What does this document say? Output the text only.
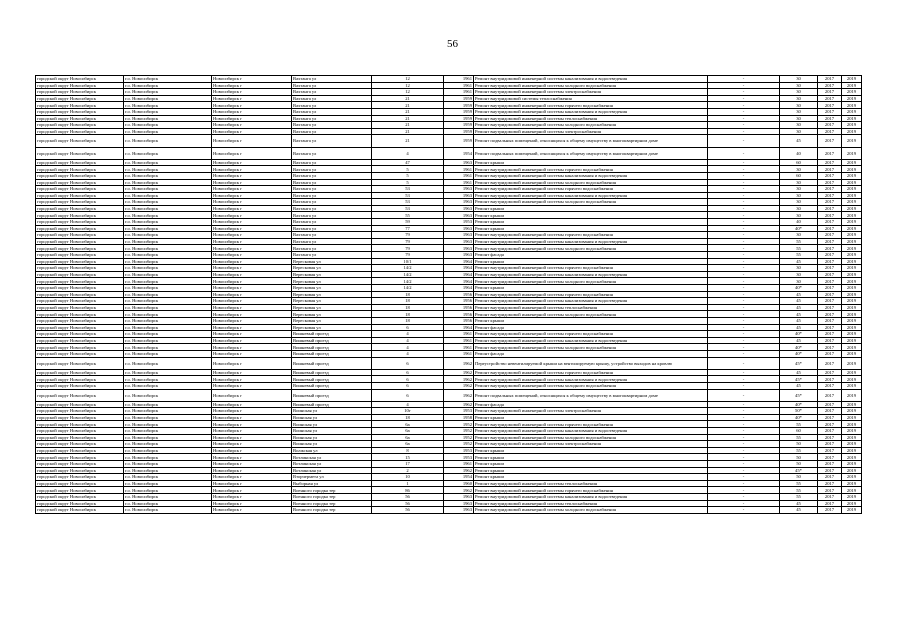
56
городской округ Новосибирск	г.о. Новосибирск	Новосибирск г	Вахтанга ул	12	1961	Ремонт внутридомовой инженерной системы канализования и водоотведения	-	30	2017	2019
городской округ Новосибирск	г.о. Новосибирск	Новосибирск г	Вахтанга ул	12	1961	Ремонт внутридомовой инженерной системы холодного водоснабжения	-	30	2017	2019
городской округ Новосибирск	г.о. Новосибирск	Новосибирск г	Вахтанга ул	12	1961	Ремонт внутридомовой инженерной системы электроснабжения	-	30	2017	2019
городской округ Новосибирск	г.о. Новосибирск	Новосибирск г	Вахтанга ул	21	1959	Ремонт внутридомовой системы теплоснабжения	-	30	2017	2019
городской округ Новосибирск	г.о. Новосибирск	Новосибирск г	Вахтанга ул	21	1959	Ремонт внутридомовой инженерной системы горячего водоснабжения	-	30	2017	2019
городской округ Новосибирск	г.о. Новосибирск	Новосибирск г	Вахтанга ул	21	1959	Ремонт внутридомовой инженерной системы канализования и водоотведения	-	30	2017	2019
городской округ Новосибирск	г.о. Новосибирск	Новосибирск г	Вахтанга ул	21	1959	Ремонт внутридомовой инженерной системы теплоснабжения	-	30	2017	2019
городской округ Новосибирск	г.о. Новосибирск	Новосибирск г	Вахтанга ул	21	1959	Ремонт внутридомовой инженерной системы холодного водоснабжения	-	30	2017	2019
городской округ Новосибирск	г.о. Новосибирск	Новосибирск г	Вахтанга ул	21	1959	Ремонт внутридомовой инженерной системы электроснабжения	-	30	2017	2019
городской округ Новосибирск	г.о. Новосибирск	Новосибирск г	Вахтанга ул	21	1959	Ремонт подвальных помещений, относящихся к общему имуществу в многоквартирном доме	-	45	2017	2019
городской округ Новосибирск	г.о. Новосибирск	Новосибирск г	Вахтанга ул	4	1954	Ремонт подвальных помещений, относящихся к общему имуществу в многоквартирном доме	-	40	2017	2019
городской округ Новосибирск	г.о. Новосибирск	Новосибирск г	Вахтанга ул	47	1963	Ремонт крыши	-	60	2017	2019
городской округ Новосибирск	г.о. Новосибирск	Новосибирск г	Вахтанга ул	5	1961	Ремонт внутридомовой инженерной системы горячего водоснабжения	-	30	2017	2019
городской округ Новосибирск	г.о. Новосибирск	Новосибирск г	Вахтанга ул	5	1961	Ремонт внутридомовой инженерной системы канализования и водоотведения	-	60	2017	2019
городской округ Новосибирск	г.о. Новосибирск	Новосибирск г	Вахтанга ул	5	1961	Ремонт внутридомовой инженерной системы холодного водоснабжения	-	30	2017	2019
городской округ Новосибирск	г.о. Новосибирск	Новосибирск г	Вахтанга ул	53	1963	Ремонт внутридомовой инженерной системы горячего водоснабжения	-	30	2017	2019
городской округ Новосибирск	г.о. Новосибирск	Новосибирск г	Вахтанга ул	53	1963	Ремонт внутридомовой инженерной системы канализования и водоотведения	-	30	2017	2019
городской округ Новосибирск	г.о. Новосибирск	Новосибирск г	Вахтанга ул	53	1963	Ремонт внутридомовой инженерной системы холодного водоснабжения	-	30	2017	2019
городской округ Новосибирск	г.о. Новосибирск	Новосибирск г	Вахтанга ул	53	1963	Ремонт крыши	-	30	2017	2019
городской округ Новосибирск	г.о. Новосибирск	Новосибирск г	Вахтанга ул	55	1963	Ремонт крыши	-	30	2017	2019
городской округ Новосибирск	г.о. Новосибирск	Новосибирск г	Вахтанга ул	59	1953	Ремонт крыши	-	40	2017	2019
городской округ Новосибирск	г.о. Новосибирск	Новосибирск г	Вахтанга ул	77	1963	Ремонт крыши	-	40*	2017	2019
городской округ Новосибирск	г.о. Новосибирск	Новосибирск г	Вахтанга ул	79	1963	Ремонт внутридомовой инженерной системы горячего водоснабжения	-	30	2017	2019
городской округ Новосибирск	г.о. Новосибирск	Новосибирск г	Вахтанга ул	79	1963	Ремонт внутридомовой инженерной системы канализования и водоотведения	-	55	2017	2019
городской округ Новосибирск	г.о. Новосибирск	Новосибирск г	Вахтанга ул	79	1963	Ремонт внутридомовой инженерной системы холодного водоснабжения	-	55	2017	2019
городской округ Новосибирск	г.о. Новосибирск	Новосибирск г	Вахтанга ул	79	1963	Ремонт фасада	-	55	2017	2019
городской округ Новосибирск	г.о. Новосибирск	Новосибирск г	Вересковая ул	10/1	1964	Ремонт крыши	-	45	2017	2019
городской округ Новосибирск	г.о. Новосибирск	Новосибирск г	Вересковая ул	14/2	1964	Ремонт внутридомовой инженерной системы горячего водоснабжения	-	30	2017	2019
городской округ Новосибирск	г.о. Новосибирск	Новосибирск г	Вересковая ул	14/2	1964	Ремонт внутридомовой инженерной системы канализования и водоотведения	-	30	2017	2019
городской округ Новосибирск	г.о. Новосибирск	Новосибирск г	Вересковая ул	14/2	1964	Ремонт внутридомовой инженерной системы холодного водоснабжения	-	30	2017	2019
городской округ Новосибирск	г.о. Новосибирск	Новосибирск г	Вересковая ул	14/2	1964	Ремонт крыши	-	40*	2017	2019
городской округ Новосибирск	г.о. Новосибирск	Новосибирск г	Вересковая ул	18	1956	Ремонт внутридомовой инженерной системы горячего водоснабжения	-	45	2017	2019
городской округ Новосибирск	г.о. Новосибирск	Новосибирск г	Вересковая ул	18	1956	Ремонт внутридомовой инженерной системы канализования и водоотведения	-	45	2017	2019
городской округ Новосибирск	г.о. Новосибирск	Новосибирск г	Вересковая ул	18	1956	Ремонт внутридомовой инженерной системы теплоснабжения	-	45	2017	2019
городской округ Новосибирск	г.о. Новосибирск	Новосибирск г	Вересковая ул	18	1956	Ремонт внутридомовой инженерной системы холодного водоснабжения	-	45	2017	2019
городской округ Новосибирск	г.о. Новосибирск	Новосибирск г	Вересковая ул	18	1956	Ремонт крыши	-	45	2017	2019
городской округ Новосибирск	г.о. Новосибирск	Новосибирск г	Вересковая ул	6	1964	Ремонт фасада	-	45	2017	2019
городской округ Новосибирск	г.о. Новосибирск	Новосибирск г	Вишневый проезд	4	1961	Ремонт внутридомовой инженерной системы горячего водоснабжения	-	40*	2017	2019
городской округ Новосибирск	г.о. Новосибирск	Новосибирск г	Вишневый проезд	4	1961	Ремонт внутридомовой инженерной системы канализования и водоотведения	-	45	2017	2019
городской округ Новосибирск	г.о. Новосибирск	Новосибирск г	Вишневый проезд	4	1961	Ремонт внутридомовой инженерной системы холодного водоснабжения	-	40*	2017	2019
городской округ Новосибирск	г.о. Новосибирск	Новосибирск г	Вишневый проезд	4	1961	Ремонт фасада	-	40*	2017	2019
городской округ Новосибирск	г.о. Новосибирск	Новосибирск г	Вишневый проезд	6	1962	Переустройство невентилируемой крыши на вентилируемую крышу, устройство выходов на кровлю	-	45*	2017	2019
городской округ Новосибирск	г.о. Новосибирск	Новосибирск г	Вишневый проезд	6	1962	Ремонт внутридомовой инженерной системы горячего водоснабжения	-	45	2017	2019
городской округ Новосибирск	г.о. Новосибирск	Новосибирск г	Вишневый проезд	6	1962	Ремонт внутридомовой инженерной системы канализования и водоотведения	-	45*	2017	2019
городской округ Новосибирск	г.о. Новосибирск	Новосибирск г	Вишневый проезд	6	1962	Ремонт внутридомовой инженерной системы холодного водоснабжения	-	45	2017	2019
городской округ Новосибирск	г.о. Новосибирск	Новосибирск г	Вишневый проезд	6	1962	Ремонт подвальных помещений, относящихся к общему имуществу в многоквартирном доме	-	45*	2017	2019
городской округ Новосибирск	г.о. Новосибирск	Новосибирск г	Вишневый проезд	4	1962	Ремонт фасада	-	40*	2017	2019
городской округ Новосибирск	г.о. Новосибирск	Новосибирск г	Воинская ул	10г	1953	Ремонт внутридомовой инженерной системы электроснабжения	-	50*	2017	2019
городской округ Новосибирск	г.о. Новосибирск	Новосибирск г	Воинская ул	18	1958	Ремонт крыши	-	40*	2017	2019
городской округ Новосибирск	г.о. Новосибирск	Новосибирск г	Воинская ул	6а	1952	Ремонт внутридомовой инженерной системы горячего водоснабжения	-	55	2017	2019
городской округ Новосибирск	г.о. Новосибирск	Новосибирск г	Воинская ул	6а	1952	Ремонт внутридомовой инженерной системы канализования и водоотведения	-	60	2017	2019
городской округ Новосибирск	г.о. Новосибирск	Новосибирск г	Воинская ул	6а	1952	Ремонт внутридомовой инженерной системы холодного водоснабжения	-	55	2017	2019
городской округ Новосибирск	г.о. Новосибирск	Новосибирск г	Воинская ул	6а	1952	Ремонт внутридомовой инженерной системы электроснабжения	-	50	2017	2019
городской округ Новосибирск	г.о. Новосибирск	Новосибирск г	Волжская ул	8	1953	Ремонт крыши	-	55	2017	2019
городской округ Новосибирск	г.о. Новосибирск	Новосибирск г	Вотлинская ул	15	1953	Ремонт крыши	-	50	2017	2019
городской округ Новосибирск	г.о. Новосибирск	Новосибирск г	Вотлинская ул	17	1961	Ремонт крыши	-	50	2017	2019
городской округ Новосибирск	г.о. Новосибирск	Новосибирск г	Вотлинская ул	2	1962	Ремонт крыши	-	45*	2017	2019
городской округ Новосибирск	г.о. Новосибирск	Новосибирск г	Вторчермета ул	10	1954	Ремонт крыши	-	50	2017	2019
городской округ Новосибирск	г.о. Новосибирск	Новосибирск г	Выборная ул	1	1960	Ремонт внутридомовой инженерной системы теплоснабжения	-	55	2017	2019
городской округ Новосибирск	г.о. Новосибирск	Новосибирск г	Военного городка тер	86	1962	Ремонт внутридомовой инженерной системы горячего водоснабжения	-	55	2017	2019
городской округ Новосибирск	г.о. Новосибирск	Новосибирск г	Военного городка тер	56	1963	Ремонт внутридомовой инженерной системы канализования и водоотведения	-	55	2017	2019
городской округ Новосибирск	г.о. Новосибирск	Новосибирск г	Военного городка тер	56	1963	Ремонт внутридомовой инженерной системы теплоснабжения	-	45	2017	2019
городской округ Новосибирск	г.о. Новосибирск	Новосибирск г	Военного городка тер	56	1963	Ремонт внутридомовой инженерной системы холодного водоснабжения	-	45	2017	2019
